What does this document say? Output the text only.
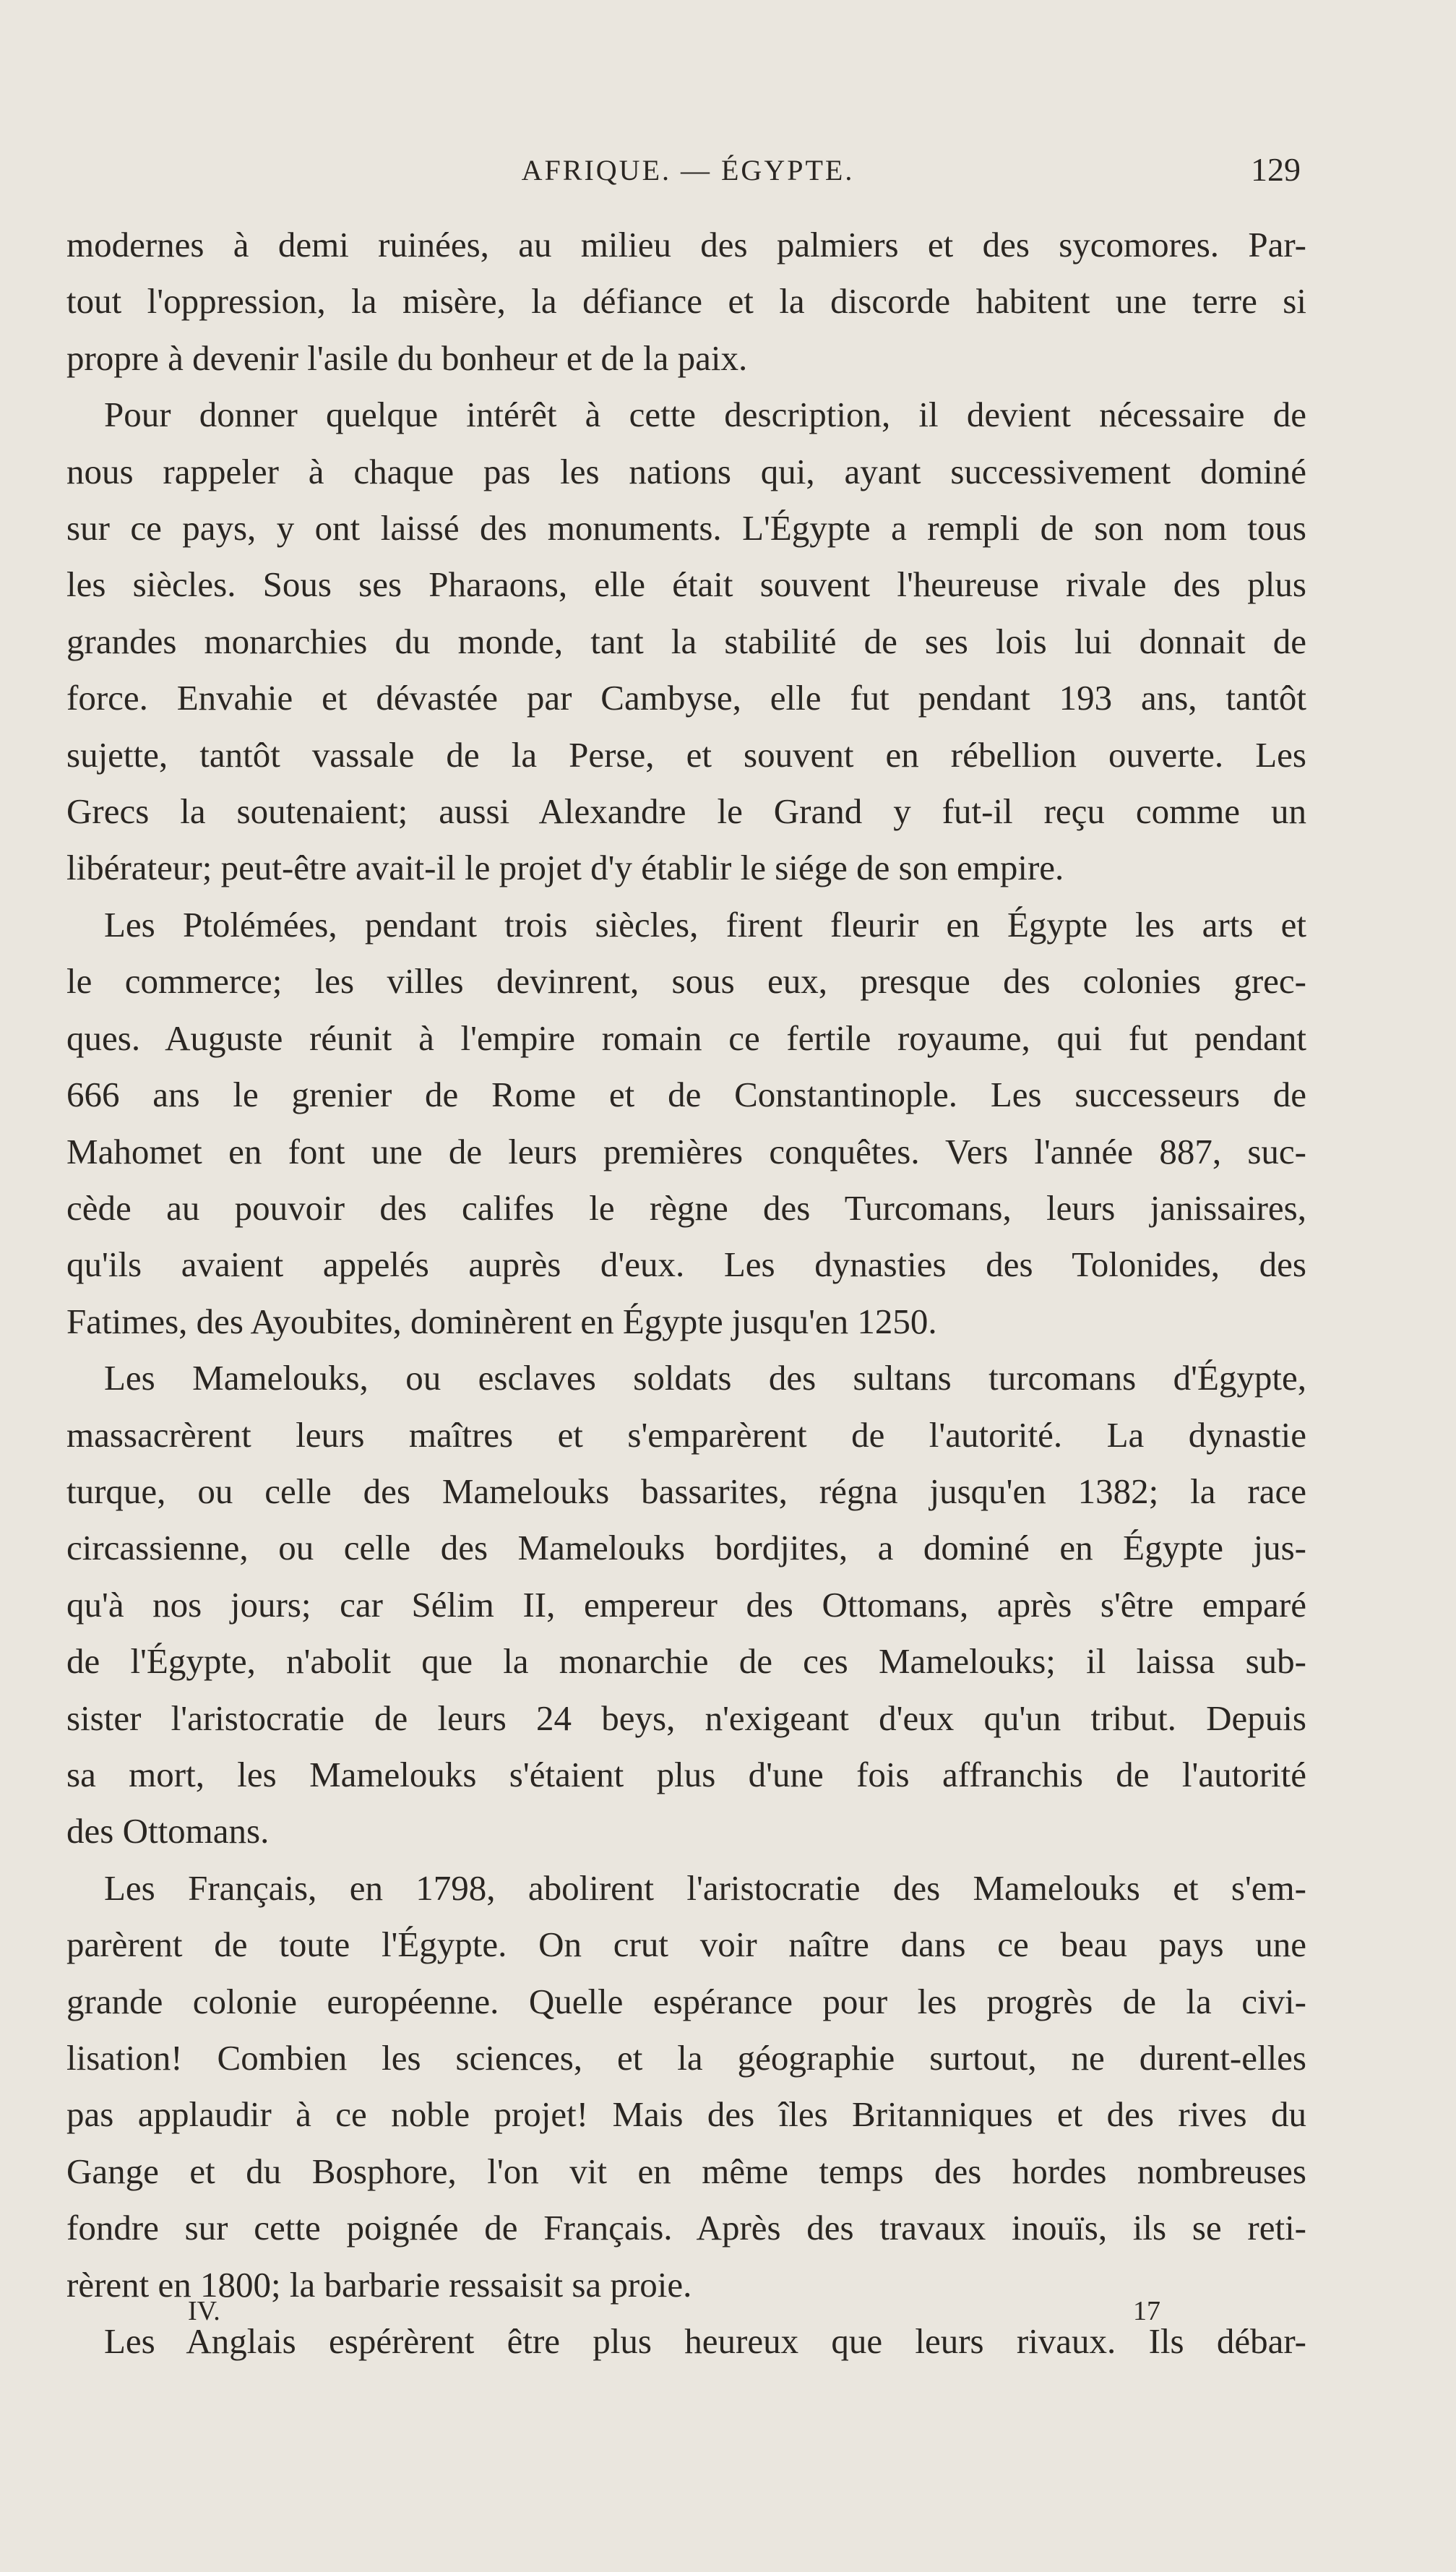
AFRIQUE. — ÉGYPTE.	129

modernes à demi ruinées, au milieu des palmiers et des sycomores. Par-

tout l'oppression, la misère, la défiance et la discorde habitent une terre si

propre à devenir l'asile du bonheur et de la paix.

Pour donner quelque intérêt à cette description, il devient nécessaire de

nous rappeler à chaque pas les nations qui, ayant successivement dominé

sur ce pays, y ont laissé des monuments. L'Égypte a rempli de son nom tous

les siècles. Sous ses Pharaons, elle était souvent l'heureuse rivale des plus

grandes monarchies du monde, tant la stabilité de ses lois lui donnait de

force. Envahie et dévastée par Cambyse, elle fut pendant 193 ans, tantôt

sujette, tantôt vassale de la Perse, et souvent en rébellion ouverte. Les

Grecs la soutenaient; aussi Alexandre le Grand y fut-il reçu comme un

libérateur; peut-être avait-il le projet d'y établir le siége de son empire.

Les Ptolémées, pendant trois siècles, firent fleurir en Égypte les arts et

le commerce; les villes devinrent, sous eux, presque des colonies grec-

ques. Auguste réunit à l'empire romain ce fertile royaume, qui fut pendant

666 ans le grenier de Rome et de Constantinople. Les successeurs de

Mahomet en font une de leurs premières conquêtes. Vers l'année 887, suc-

cède au pouvoir des califes le règne des Turcomans, leurs janissaires,

qu'ils avaient appelés auprès d'eux. Les dynasties des Tolonides, des

Fatimes, des Ayoubites, dominèrent en Égypte jusqu'en 1250.

Les Mamelouks, ou esclaves soldats des sultans turcomans d'Égypte,

massacrèrent leurs maîtres et s'emparèrent de l'autorité. La dynastie

turque, ou celle des Mamelouks bassarites, régna jusqu'en 1382; la race

circassienne, ou celle des Mamelouks bordjites, a dominé en Égypte jus-

qu'à nos jours; car Sélim II, empereur des Ottomans, après s'être emparé

de l'Égypte, n'abolit que la monarchie de ces Mamelouks; il laissa sub-

sister l'aristocratie de leurs 24 beys, n'exigeant d'eux qu'un tribut. Depuis

sa mort, les Mamelouks s'étaient plus d'une fois affranchis de l'autorité

des Ottomans.

Les Français, en 1798, abolirent l'aristocratie des Mamelouks et s'em-

parèrent de toute l'Égypte. On crut voir naître dans ce beau pays une

grande colonie européenne. Quelle espérance pour les progrès de la civi-

lisation! Combien les sciences, et la géographie surtout, ne durent-elles

pas applaudir à ce noble projet! Mais des îles Britanniques et des rives du

Gange et du Bosphore, l'on vit en même temps des hordes nombreuses

fondre sur cette poignée de Français. Après des travaux inouïs, ils se reti-

rèrent en 1800; la barbarie ressaisit sa proie.

Les Anglais espérèrent être plus heureux que leurs rivaux. Ils débar-

IV.	17
